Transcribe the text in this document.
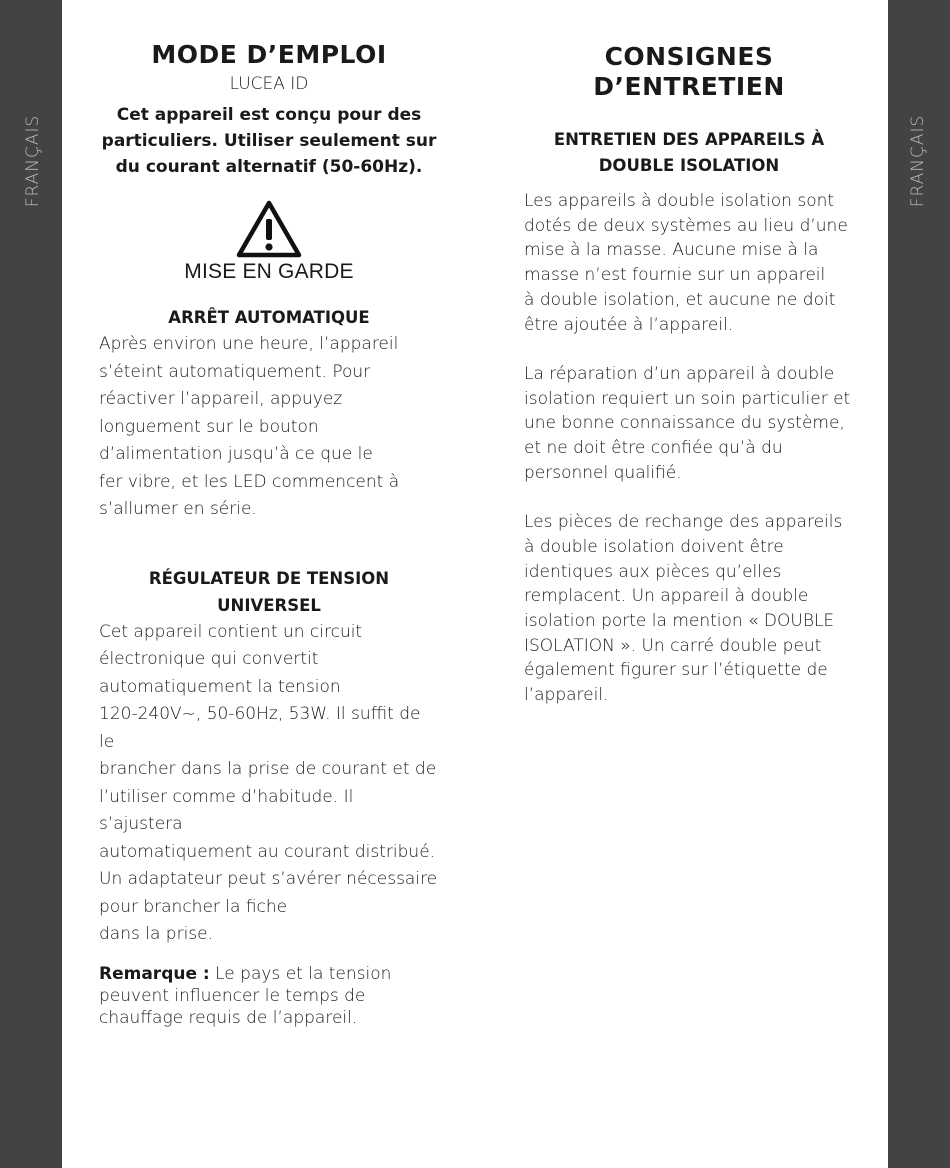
FRANÇAIS	FRANÇAIS
MODE D’EMPLOI
LUCEA ID
Cet appareil est conçu pour des
particuliers. Utiliser seulement sur
du courant alternatif (50-60Hz).
MISE EN GARDE
ARRÊT AUTOMATIQUE
Après environ une heure, l’appareil
s’éteint automatiquement. Pour
réactiver l’appareil, appuyez
longuement sur le bouton
d’alimentation jusqu’à ce que le
fer vibre, et les LED commencent à
s’allumer en série.
RÉGULATEUR DE TENSION
UNIVERSEL
Cet appareil contient un circuit
électronique qui convertit
automatiquement la tension
120-240V~, 50-60Hz, 53W. Il suffit de le
brancher dans la prise de courant et de
l’utiliser comme d’habitude. Il s’ajustera
automatiquement au courant distribué.
Un adaptateur peut s’avérer nécessaire
pour brancher la fiche
dans la prise.
Remarque : Le pays et la tension
peuvent influencer le temps de
chauffage requis de l’appareil.
CONSIGNES
D’ENTRETIEN
ENTRETIEN DES APPAREILS À
DOUBLE ISOLATION

Les appareils à double isolation sont
dotés de deux systèmes au lieu d’une
mise à la masse. Aucune mise à la
masse n’est fournie sur un appareil
à double isolation, et aucune ne doit
être ajoutée à l’appareil.

La réparation d’un appareil à double
isolation requiert un soin particulier et
une bonne connaissance du système,
et ne doit être confiée qu’à du
personnel qualifié.

Les pièces de rechange des appareils
à double isolation doivent être
identiques aux pièces qu’elles
remplacent. Un appareil à double
isolation porte la mention « DOUBLE
ISOLATION ». Un carré double peut
également figurer sur l’étiquette de
l’appareil.
